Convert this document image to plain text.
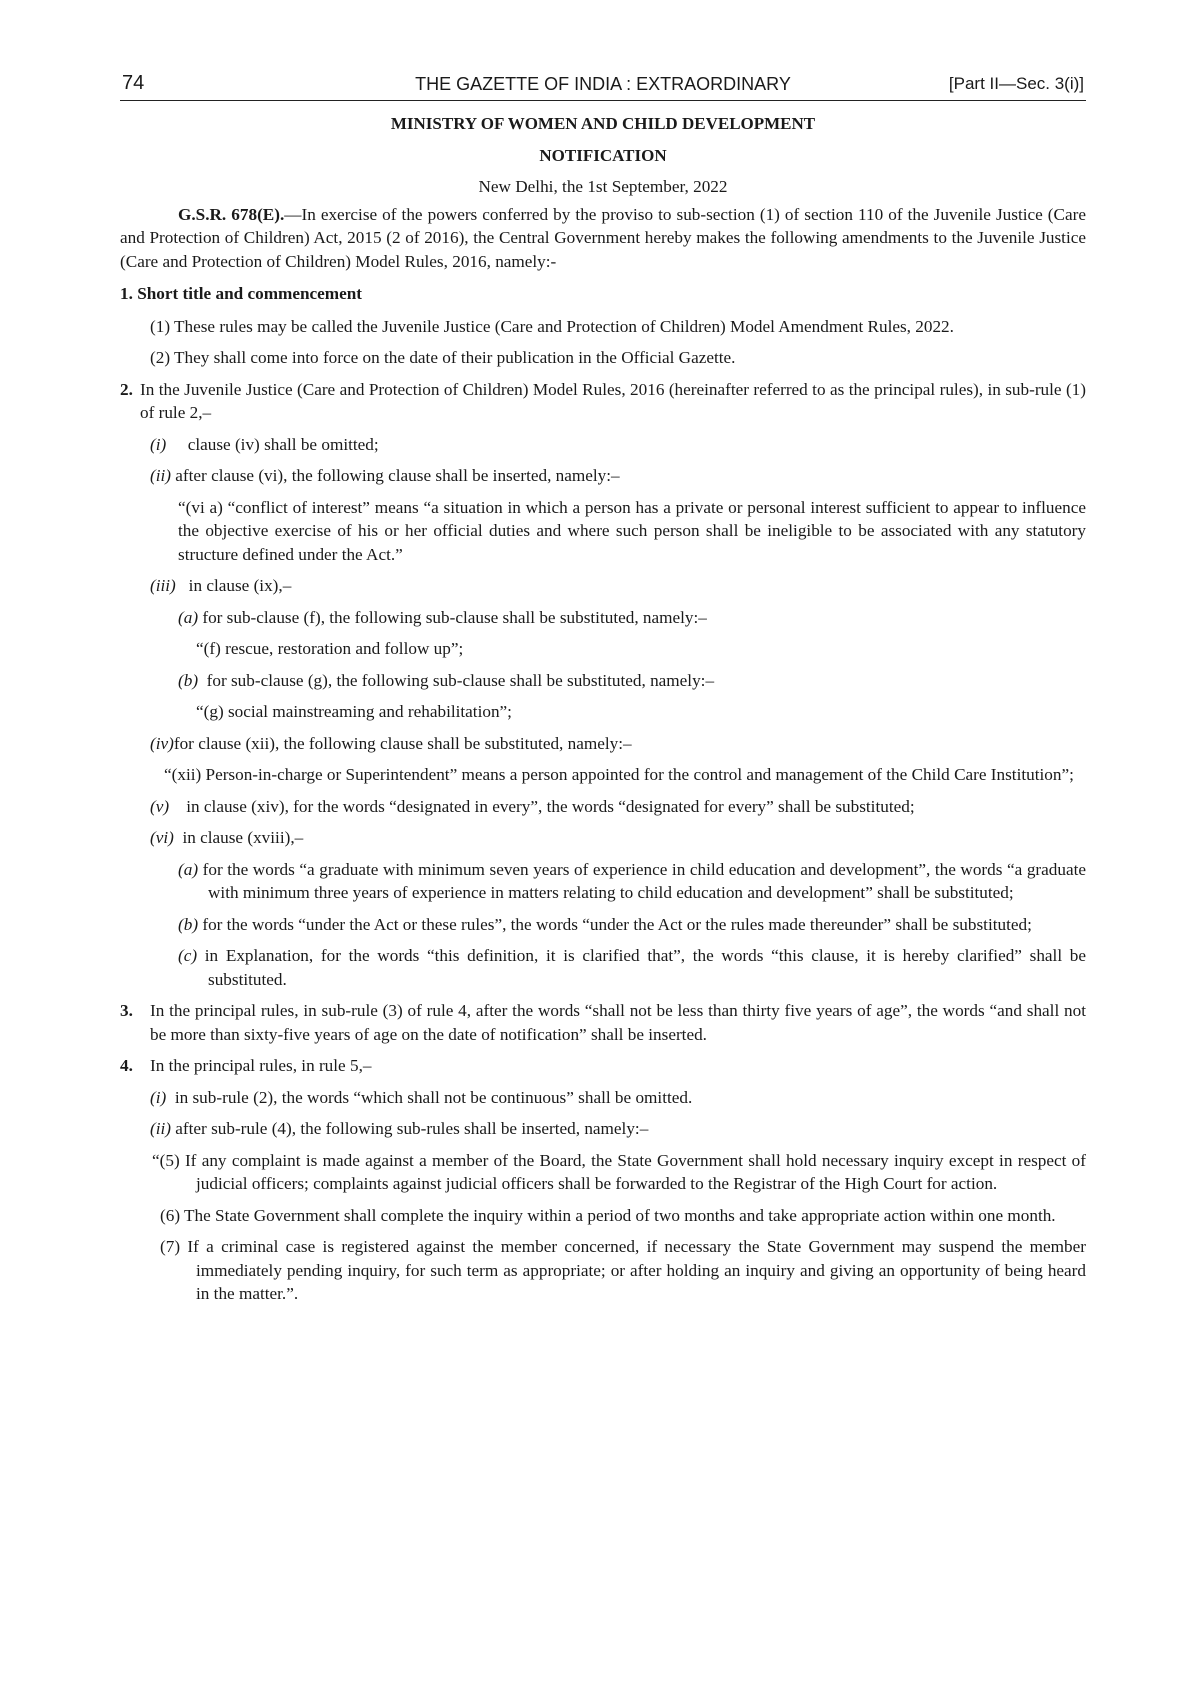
74	THE GAZETTE OF INDIA : EXTRAORDINARY	[Part II—Sec. 3(i)]

MINISTRY OF WOMEN AND CHILD DEVELOPMENT

NOTIFICATION

New Delhi, the 1st September, 2022

G.S.R. 678(E).—In exercise of the powers conferred by the proviso to sub-section (1) of section 110 of the Juvenile Justice (Care and Protection of Children) Act, 2015 (2 of 2016), the Central Government hereby makes the following amendments to the Juvenile Justice (Care and Protection of Children) Model Rules, 2016, namely:-

1. Short title and commencement

(1) These rules may be called the Juvenile Justice (Care and Protection of Children) Model Amendment Rules, 2022.

(2) They shall come into force on the date of their publication in the Official Gazette.

2. In the Juvenile Justice (Care and Protection of Children) Model Rules, 2016 (hereinafter referred to as the principal rules), in sub-rule (1) of rule 2,–

(i) clause (iv) shall be omitted;

(ii) after clause (vi), the following clause shall be inserted, namely:–

“(vi a) “conflict of interest” means “a situation in which a person has a private or personal interest sufficient to appear to influence the objective exercise of his or her official duties and where such person shall be ineligible to be associated with any statutory structure defined under the Act.”

(iii) in clause (ix),–

(a) for sub-clause (f), the following sub-clause shall be substituted, namely:–

“(f) rescue, restoration and follow up”;

(b) for sub-clause (g), the following sub-clause shall be substituted, namely:–

“(g) social mainstreaming and rehabilitation”;

(iv)for clause (xii), the following clause shall be substituted, namely:–

“(xii) Person-in-charge or Superintendent” means a person appointed for the control and management of the Child Care Institution”;

(v) in clause (xiv), for the words “designated in every”, the words “designated for every” shall be substituted;

(vi) in clause (xviii),–

(a) for the words “a graduate with minimum seven years of experience in child education and development”, the words “a graduate with minimum three years of experience in matters relating to child education and development” shall be substituted;

(b) for the words “under the Act or these rules”, the words “under the Act or the rules made thereunder” shall be substituted;

(c) in Explanation, for the words “this definition, it is clarified that”, the words “this clause, it is hereby clarified” shall be substituted.

3. In the principal rules, in sub-rule (3) of rule 4, after the words “shall not be less than thirty five years of age”, the words “and shall not be more than sixty-five years of age on the date of notification” shall be inserted.

4. In the principal rules, in rule 5,–

(i) in sub-rule (2), the words “which shall not be continuous” shall be omitted.

(ii) after sub-rule (4), the following sub-rules shall be inserted, namely:–

“(5) If any complaint is made against a member of the Board, the State Government shall hold necessary inquiry except in respect of judicial officers; complaints against judicial officers shall be forwarded to the Registrar of the High Court for action.

(6) The State Government shall complete the inquiry within a period of two months and take appropriate action within one month.

(7) If a criminal case is registered against the member concerned, if necessary the State Government may suspend the member immediately pending inquiry, for such term as appropriate; or after holding an inquiry and giving an opportunity of being heard in the matter.”.
